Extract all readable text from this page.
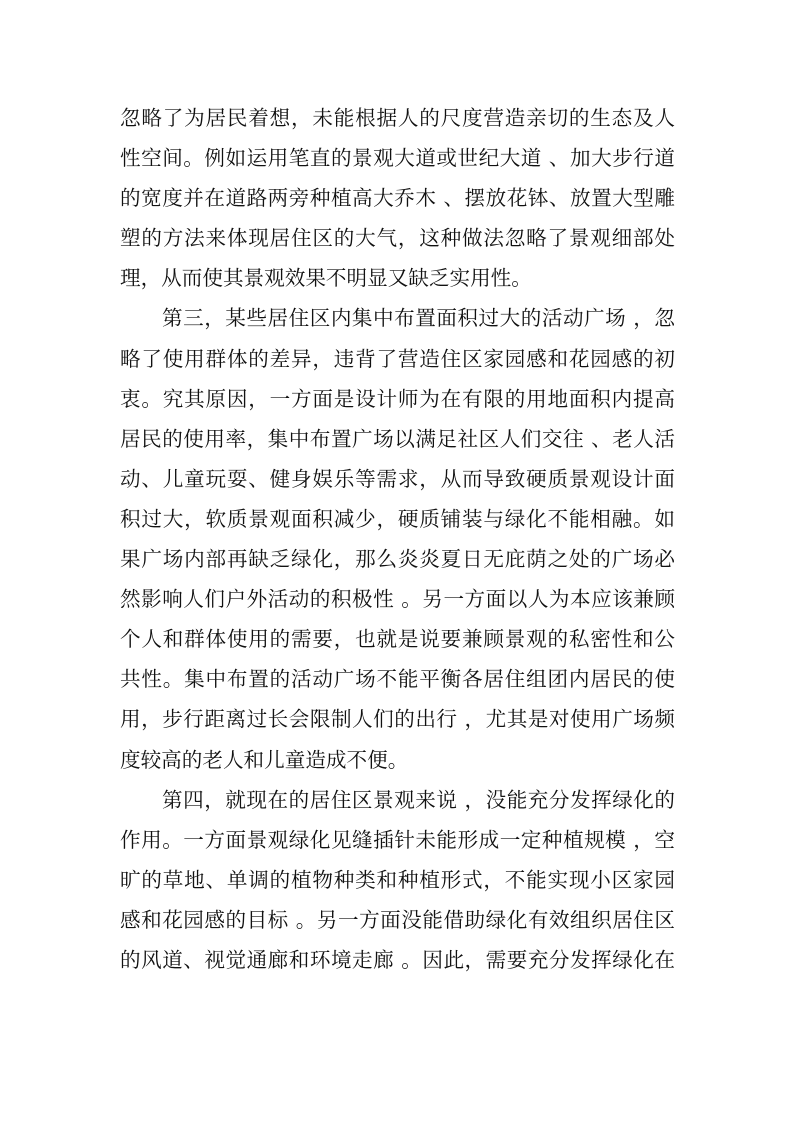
忽略了为居民着想，未能根据人的尺度营造亲切的生态及人
性空间。例如运用笔直的景观大道或世纪大道 、加大步行道
的宽度并在道路两旁种植高大乔木 、摆放花钵、放置大型雕
塑的方法来体现居住区的大气，这种做法忽略了景观细部处
理，从而使其景观效果不明显又缺乏实用性。
第三，某些居住区内集中布置面积过大的活动广场 ，忽
略了使用群体的差异，违背了营造住区家园感和花园感的初
衷。究其原因，一方面是设计师为在有限的用地面积内提高
居民的使用率，集中布置广场以满足社区人们交往 、老人活
动、儿童玩耍、健身娱乐等需求，从而导致硬质景观设计面
积过大，软质景观面积减少，硬质铺装与绿化不能相融。如
果广场内部再缺乏绿化，那么炎炎夏日无庇荫之处的广场必
然影响人们户外活动的积极性 。另一方面以人为本应该兼顾
个人和群体使用的需要，也就是说要兼顾景观的私密性和公
共性。集中布置的活动广场不能平衡各居住组团内居民的使
用，步行距离过长会限制人们的出行 ，尤其是对使用广场频
度较高的老人和儿童造成不便。
第四，就现在的居住区景观来说 ，没能充分发挥绿化的
作用。一方面景观绿化见缝插针未能形成一定种植规模 ，空
旷的草地、单调的植物种类和种植形式，不能实现小区家园
感和花园感的目标 。另一方面没能借助绿化有效组织居住区
的风道、视觉通廊和环境走廊 。因此，需要充分发挥绿化在
